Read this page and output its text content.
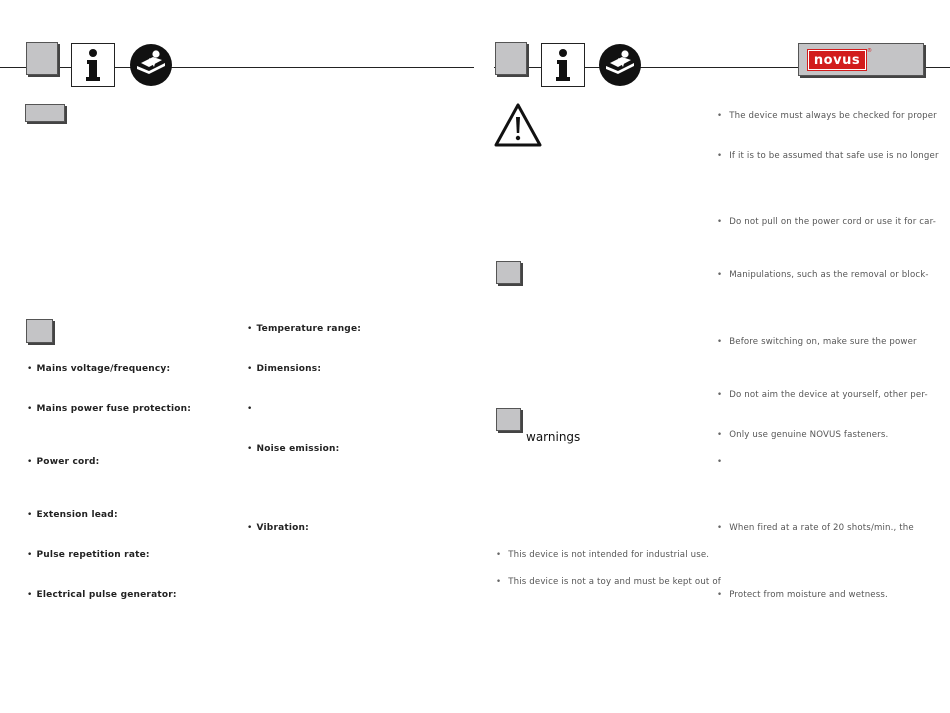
• Mains voltage/frequency:
• Mains power fuse protection:
• Power cord:
• Extension lead:
• Pulse repetition rate:
• Electrical pulse generator:
• Temperature range:
• Dimensions:
•
• Noise emission:
• Vibration:
novus
®
warnings
• This device is not intended for industrial use.
• This device is not a toy and must be kept out of
• The device must always be checked for proper
• If it is to be assumed that safe use is no longer
• Do not pull on the power cord or use it for car-
• Manipulations, such as the removal or block-
• Before switching on, make sure the power
• Do not aim the device at yourself, other per-
• Only use genuine NOVUS fasteners.
•
• When fired at a rate of 20 shots/min., the
• Protect from moisture and wetness.
